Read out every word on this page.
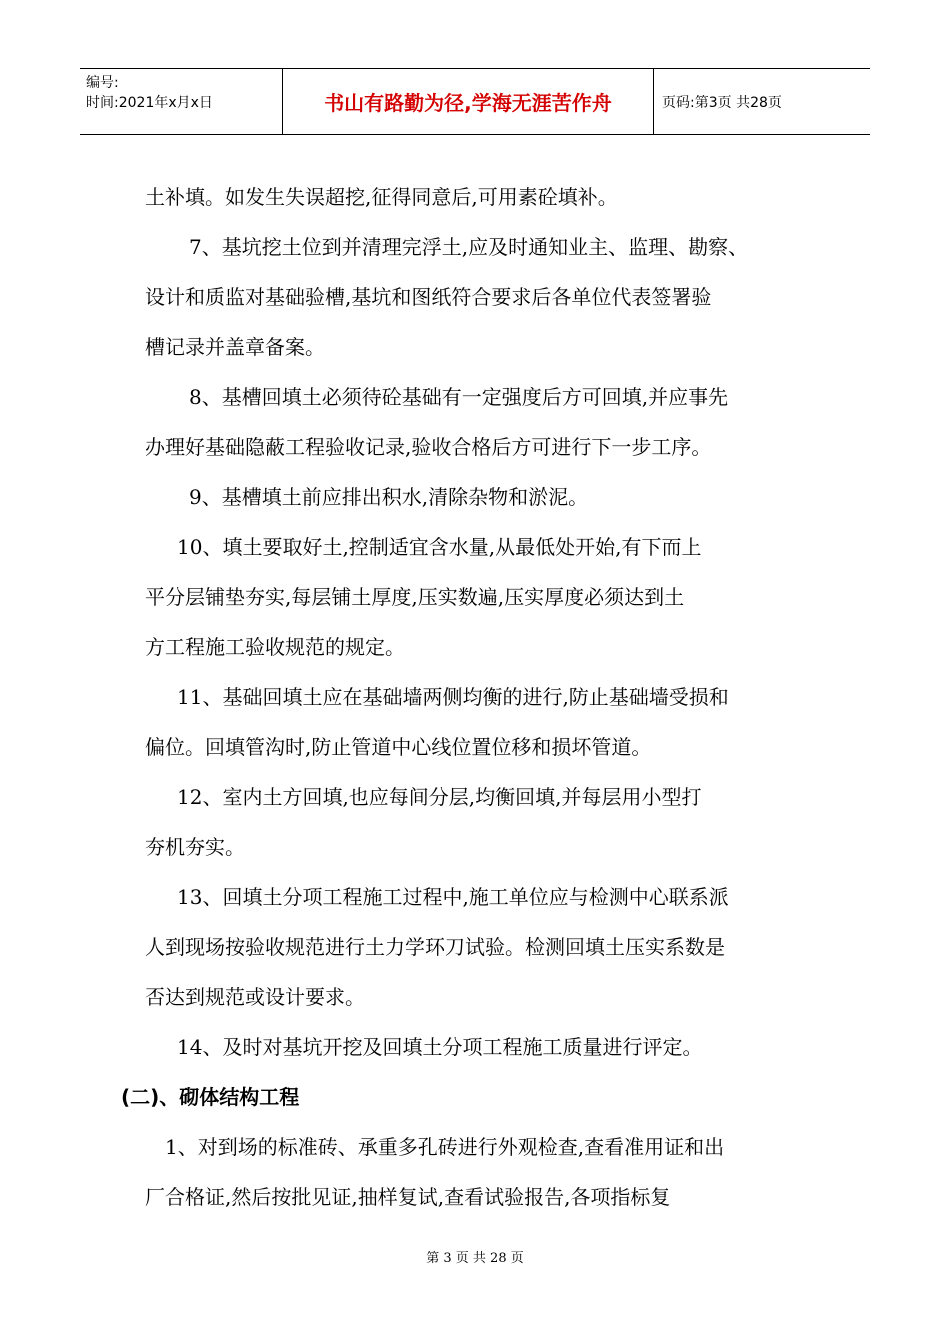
编号:
时间:2021年x月x日	书山有路勤为径,学海无涯苦作舟	页码:第3页 共28页
土补填。如发生失误超挖,征得同意后,可用素砼填补。
7、基坑挖土位到并清理完浮土,应及时通知业主、监理、勘察、
设计和质监对基础验槽,基坑和图纸符合要求后各单位代表签署验
槽记录并盖章备案。
8、基槽回填土必须待砼基础有一定强度后方可回填,并应事先
办理好基础隐蔽工程验收记录,验收合格后方可进行下一步工序。
9、基槽填土前应排出积水,清除杂物和淤泥。
10、填土要取好土,控制适宜含水量,从最低处开始,有下而上
平分层铺垫夯实,每层铺土厚度,压实数遍,压实厚度必须达到土
方工程施工验收规范的规定。
11、基础回填土应在基础墙两侧均衡的进行,防止基础墙受损和
偏位。回填管沟时,防止管道中心线位置位移和损坏管道。
12、室内土方回填,也应每间分层,均衡回填,并每层用小型打
夯机夯实。
13、回填土分项工程施工过程中,施工单位应与检测中心联系派
人到现场按验收规范进行土力学环刀试验。检测回填土压实系数是
否达到规范或设计要求。
14、及时对基坑开挖及回填土分项工程施工质量进行评定。
(二)、砌体结构工程
1、对到场的标准砖、承重多孔砖进行外观检查,查看准用证和出
厂合格证,然后按批见证,抽样复试,查看试验报告,各项指标复
第 3 页 共 28 页
